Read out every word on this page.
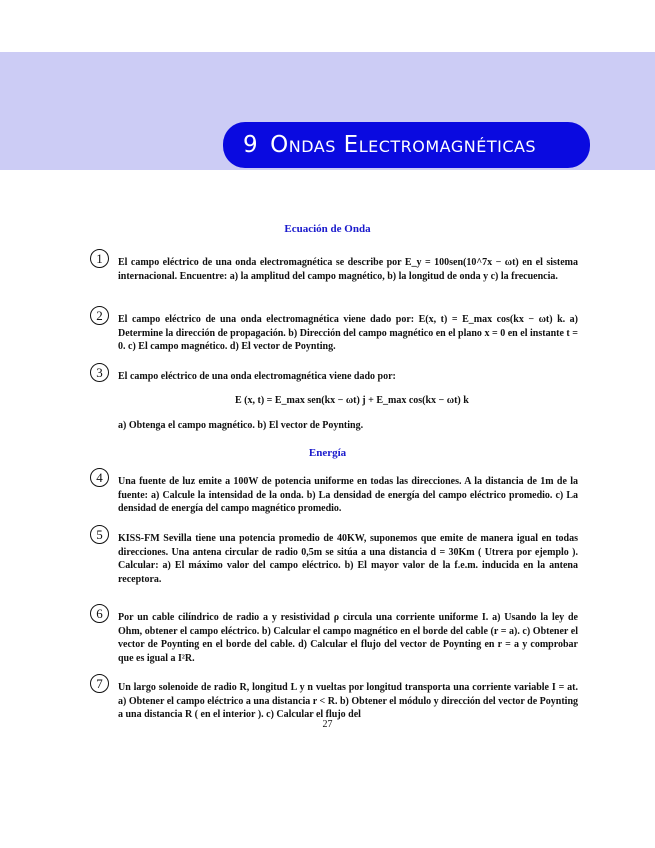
9 Ondas Electromagnéticas
Ecuación de Onda
1	El campo eléctrico de una onda electromagnética se describe por E_y = 100sen(10^7x − ωt) en el sistema internacional. Encuentre: a) la amplitud del campo magnético, b) la longitud de onda y c) la frecuencia.
2	El campo eléctrico de una onda electromagnética viene dado por: E(x, t) = E_max cos(kx − ωt) k. a) Determine la dirección de propagación. b) Dirección del campo magnético en el plano x = 0 en el instante t = 0. c) El campo magnético. d) El vector de Poynting.
3	El campo eléctrico de una onda electromagnética viene dado por:
E (x, t) = E_max sen(kx − ωt) j + E_max cos(kx − ωt) k
a) Obtenga el campo magnético. b) El vector de Poynting.
Energía
4	Una fuente de luz emite a 100W de potencia uniforme en todas las direcciones. A la distancia de 1m de la fuente: a) Calcule la intensidad de la onda. b) La densidad de energía del campo eléctrico promedio. c) La densidad de energía del campo magnético promedio.
5	KISS-FM Sevilla tiene una potencia promedio de 40KW, suponemos que emite de manera igual en todas direcciones. Una antena circular de radio 0,5m se sitúa a una distancia d = 30Km ( Utrera por ejemplo ). Calcular: a) El máximo valor del campo eléctrico. b) El mayor valor de la f.e.m. inducida en la antena receptora.
6	Por un cable cilíndrico de radio a y resistividad ρ circula una corriente uniforme I. a) Usando la ley de Ohm, obtener el campo eléctrico. b) Calcular el campo magnético en el borde del cable (r = a). c) Obtener el vector de Poynting en el borde del cable. d) Calcular el flujo del vector de Poynting en r = a y comprobar que es igual a I²R.
7	Un largo solenoide de radio R, longitud L y n vueltas por longitud transporta una corriente variable I = at. a) Obtener el campo eléctrico a una distancia r < R. b) Obtener el módulo y dirección del vector de Poynting a una distancia R ( en el interior ). c) Calcular el flujo del
27
